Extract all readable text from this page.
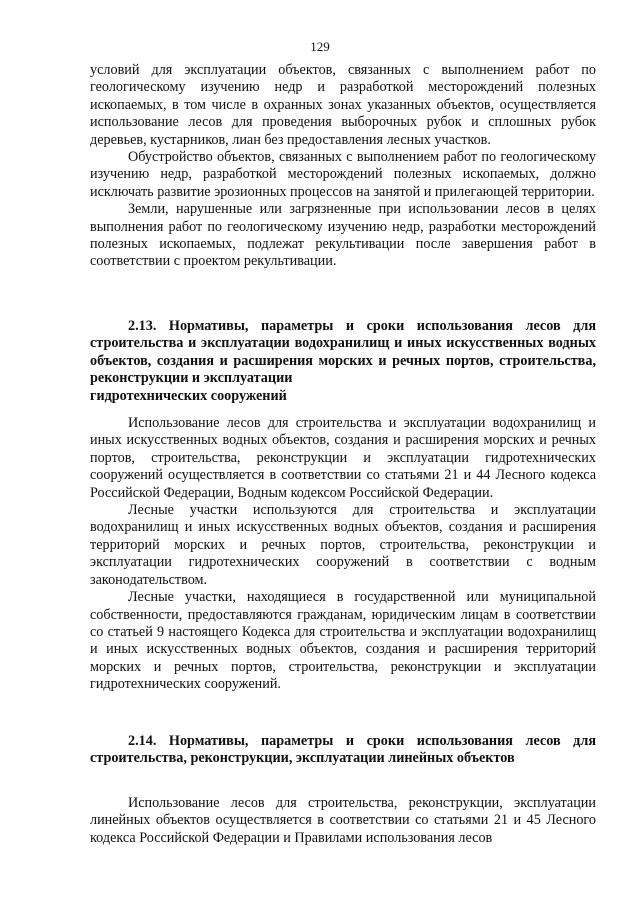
129

условий для эксплуатации объектов, связанных с выполнением работ по геологическому изучению недр и разработкой месторождений полезных ископаемых, в том числе в охранных зонах указанных объектов, осуществляется использование лесов для проведения выборочных рубок и сплошных рубок деревьев, кустарников, лиан без предоставления лесных участков.

Обустройство объектов, связанных с выполнением работ по геологическому изучению недр, разработкой месторождений полезных ископаемых, должно исключать развитие эрозионных процессов на занятой и прилегающей территории.

Земли, нарушенные или загрязненные при использовании лесов в целях выполнения работ по геологическому изучению недр, разработки месторождений полезных ископаемых, подлежат рекультивации после завершения работ в соответствии с проектом рекультивации.

2.13. Нормативы, параметры и сроки использования лесов для строительства и эксплуатации водохранилищ и иных искусственных водных объектов, создания и расширения морских и речных портов, строительства, реконструкции и эксплуатации

гидротехнических сооружений

Использование лесов для строительства и эксплуатации водохранилищ и иных искусственных водных объектов, создания и расширения морских и речных портов, строительства, реконструкции и эксплуатации гидротехнических сооружений осуществляется в соответствии со статьями 21 и 44 Лесного кодекса Российской Федерации, Водным кодексом Российской Федерации.

Лесные участки используются для строительства и эксплуатации водохранилищ и иных искусственных водных объектов, создания и расширения территорий морских и речных портов, строительства, реконструкции и эксплуатации гидротехнических сооружений в соответствии с водным законодательством.

Лесные участки, находящиеся в государственной или муниципальной собственности, предоставляются гражданам, юридическим лицам в соответствии со статьей 9 настоящего Кодекса для строительства и эксплуатации водохранилищ и иных искусственных водных объектов, создания и расширения территорий морских и речных портов, строительства, реконструкции и эксплуатации гидротехнических сооружений.

2.14. Нормативы, параметры и сроки использования лесов для строительства, реконструкции, эксплуатации линейных объектов

Использование лесов для строительства, реконструкции, эксплуатации линейных объектов осуществляется в соответствии со статьями 21 и 45 Лесного кодекса Российской Федерации и Правилами использования лесов
